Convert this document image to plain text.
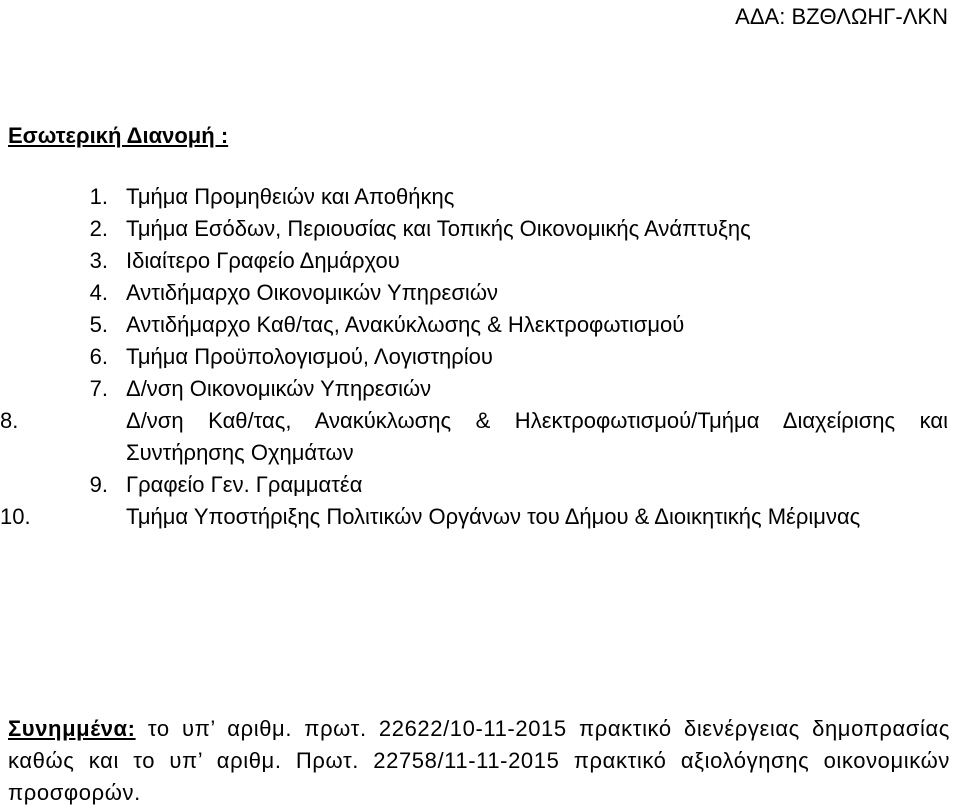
ΑΔΑ: ΒΖΘΛΩΗΓ-ΛΚΝ
Εσωτερική Διανομή :
1. Τμήμα Προμηθειών και Αποθήκης
2. Τμήμα Εσόδων, Περιουσίας και Τοπικής Οικονομικής Ανάπτυξης
3. Ιδιαίτερο Γραφείο Δημάρχου
4. Αντιδήμαρχο Οικονομικών Υπηρεσιών
5. Αντιδήμαρχο Καθ/τας, Ανακύκλωσης & Ηλεκτροφωτισμού
6. Τμήμα Προϋπολογισμού, Λογιστηρίου
7. Δ/νση Οικονομικών Υπηρεσιών
8.	Δ/νση Καθ/τας, Ανακύκλωσης & Ηλεκτροφωτισμού/Τμήμα Διαχείρισης και Συντήρησης Οχημάτων
9. Γραφείο Γεν. Γραμματέα
10.	Τμήμα Υποστήριξης Πολιτικών Οργάνων του Δήμου & Διοικητικής Μέριμνας
Συνημμένα: το υπ’ αριθμ. πρωτ. 22622/10-11-2015 πρακτικό διενέργειας δημοπρασίας καθώς και το υπ’ αριθμ. Πρωτ. 22758/11-11-2015 πρακτικό αξιολόγησης οικονομικών προσφορών.
